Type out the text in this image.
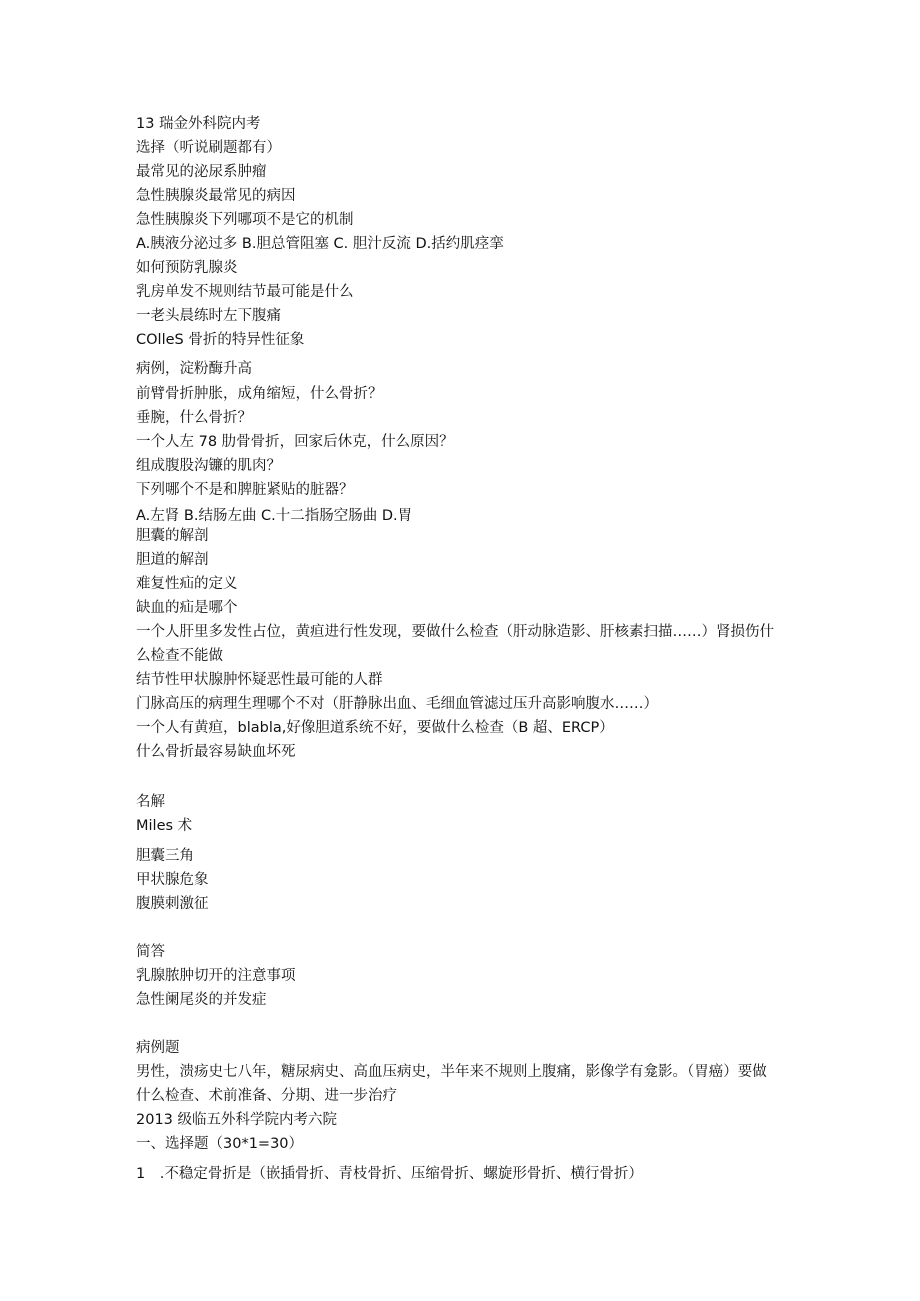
13 瑞金外科院内考
选择（听说刷题都有）
最常见的泌尿系肿瘤
急性胰腺炎最常见的病因
急性胰腺炎下列哪项不是它的机制
A.胰液分泌过多 B.胆总管阻塞 C. 胆汁反流 D.括约肌痉挛
如何预防乳腺炎
乳房单发不规则结节最可能是什么
一老头晨练时左下腹痛
COlleS 骨折的特异性征象
病例，淀粉酶升高
前臂骨折肿胀，成角缩短，什么骨折？
垂腕，什么骨折？
一个人左 78 肋骨骨折，回家后休克，什么原因？
组成腹股沟镰的肌肉？
下列哪个不是和脾脏紧贴的脏器？
A.左肾 B.结肠左曲 C.十二指肠空肠曲 D.胃
胆囊的解剖
胆道的解剖
难复性疝的定义
缺血的疝是哪个
一个人肝里多发性占位，黄疸进行性发现，要做什么检查（肝动脉造影、肝核素扫描……）肾损伤什么检查不能做
结节性甲状腺肿怀疑恶性最可能的人群
门脉高压的病理生理哪个不对（肝静脉出血、毛细血管滤过压升高影响腹水……）
一个人有黄疸，blabla,好像胆道系统不好，要做什么检查（B 超、ERCP）
什么骨折最容易缺血坏死
名解
Miles 术
胆囊三角
甲状腺危象
腹膜刺激征
简答
乳腺脓肿切开的注意事项
急性阑尾炎的并发症
病例题
男性，溃疡史七八年，糖尿病史、高血压病史，半年来不规则上腹痛，影像学有龛影。（胃癌）要做什么检查、术前准备、分期、进一步治疗
2013 级临五外科学院内考六院
一、选择题（30*1=30）
1　.不稳定骨折是（嵌插骨折、青枝骨折、压缩骨折、螺旋形骨折、横行骨折）
